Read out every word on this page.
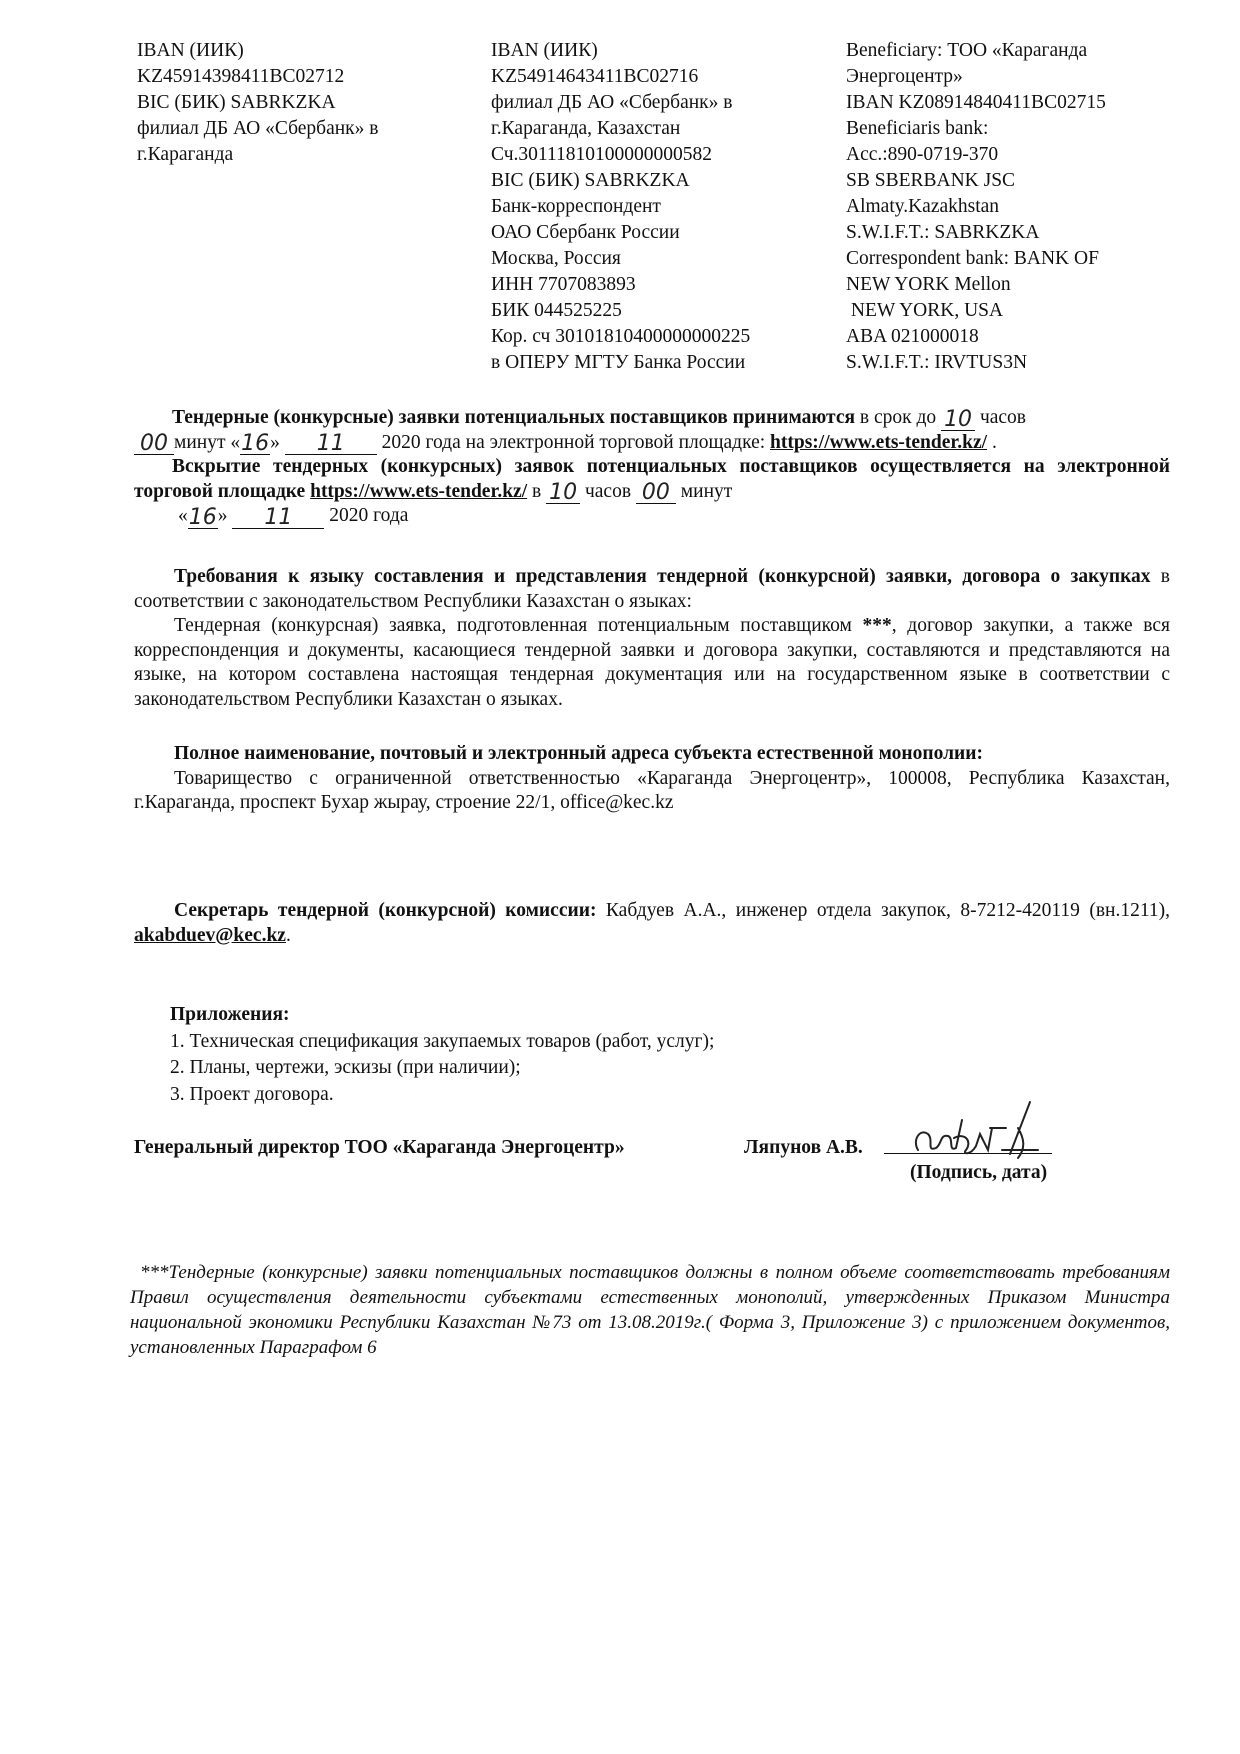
IBAN (ИИК)
KZ45914398411BC02712
BIC (БИК) SABRKZKA
филиал ДБ АО «Сбербанк» в
г.Караганда
IBAN (ИИК)
KZ54914643411BC02716
филиал ДБ АО «Сбербанк» в
г.Караганда, Казахстан
Сч.30111810100000000582
BIC (БИК) SABRKZKA
Банк-корреспондент
ОАО Сбербанк России
Москва, Россия
ИНН 7707083893
БИК 044525225
Кор. сч 30101810400000000225
в ОПЕРУ МГТУ Банка России
Beneficiary: ТОО «Караганда
Энергоцентр»
IBAN KZ08914840411BC02715
Beneficiaris bank:
Acc.:890-0719-370
SB SBERBANK JSC
Almaty.Kazakhstan
S.W.I.F.T.: SABRKZKA
Correspondent bank: BANK OF
NEW YORK Mellon
NEW YORK, USA
ABA 021000018
S.W.I.F.T.: IRVTUS3N
Тендерные (конкурсные) заявки потенциальных поставщиков принимаются в срок до 10 часов
00 минут «16» 11 2020 года на электронной торговой площадке: https://www.ets-tender.kz/ .
Вскрытие тендерных (конкурсных) заявок потенциальных поставщиков осуществляется на электронной торговой площадке https://www.ets-tender.kz/ в 10 часов 00 минут
«16» 11 2020 года
Требования к языку составления и представления тендерной (конкурсной) заявки, договора о закупках в соответствии с законодательством Республики Казахстан о языках:
Тендерная (конкурсная) заявка, подготовленная потенциальным поставщиком ***, договор закупки, а также вся корреспонденция и документы, касающиеся тендерной заявки и договора закупки, составляются и представляются на языке, на котором составлена настоящая тендерная документация или на государственном языке в соответствии с законодательством Республики Казахстан о языках.
Полное наименование, почтовый и электронный адреса субъекта естественной монополии:
Товарищество с ограниченной ответственностью «Караганда Энергоцентр», 100008, Республика Казахстан, г.Караганда, проспект Бухар жырау, строение 22/1, office@kec.kz
Секретарь тендерной (конкурсной) комиссии: Кабдуев А.А., инженер отдела закупок, 8-7212-420119 (вн.1211), akabduev@kec.kz.
Приложения:
1. Техническая спецификация закупаемых товаров (работ, услуг);
2. Планы, чертежи, эскизы (при наличии);
3. Проект договора.
Генеральный директор ТОО «Караганда Энергоцентр»	Ляпунов А.В.
(Подпись, дата)
***Тендерные (конкурсные) заявки потенциальных поставщиков должны в полном объеме соответствовать требованиям Правил осуществления деятельности субъектами естественных монополий, утвержденных Приказом Министра национальной экономики Республики Казахстан №73 от 13.08.2019г.( Форма 3, Приложение 3) с приложением документов, установленных Параграфом 6
